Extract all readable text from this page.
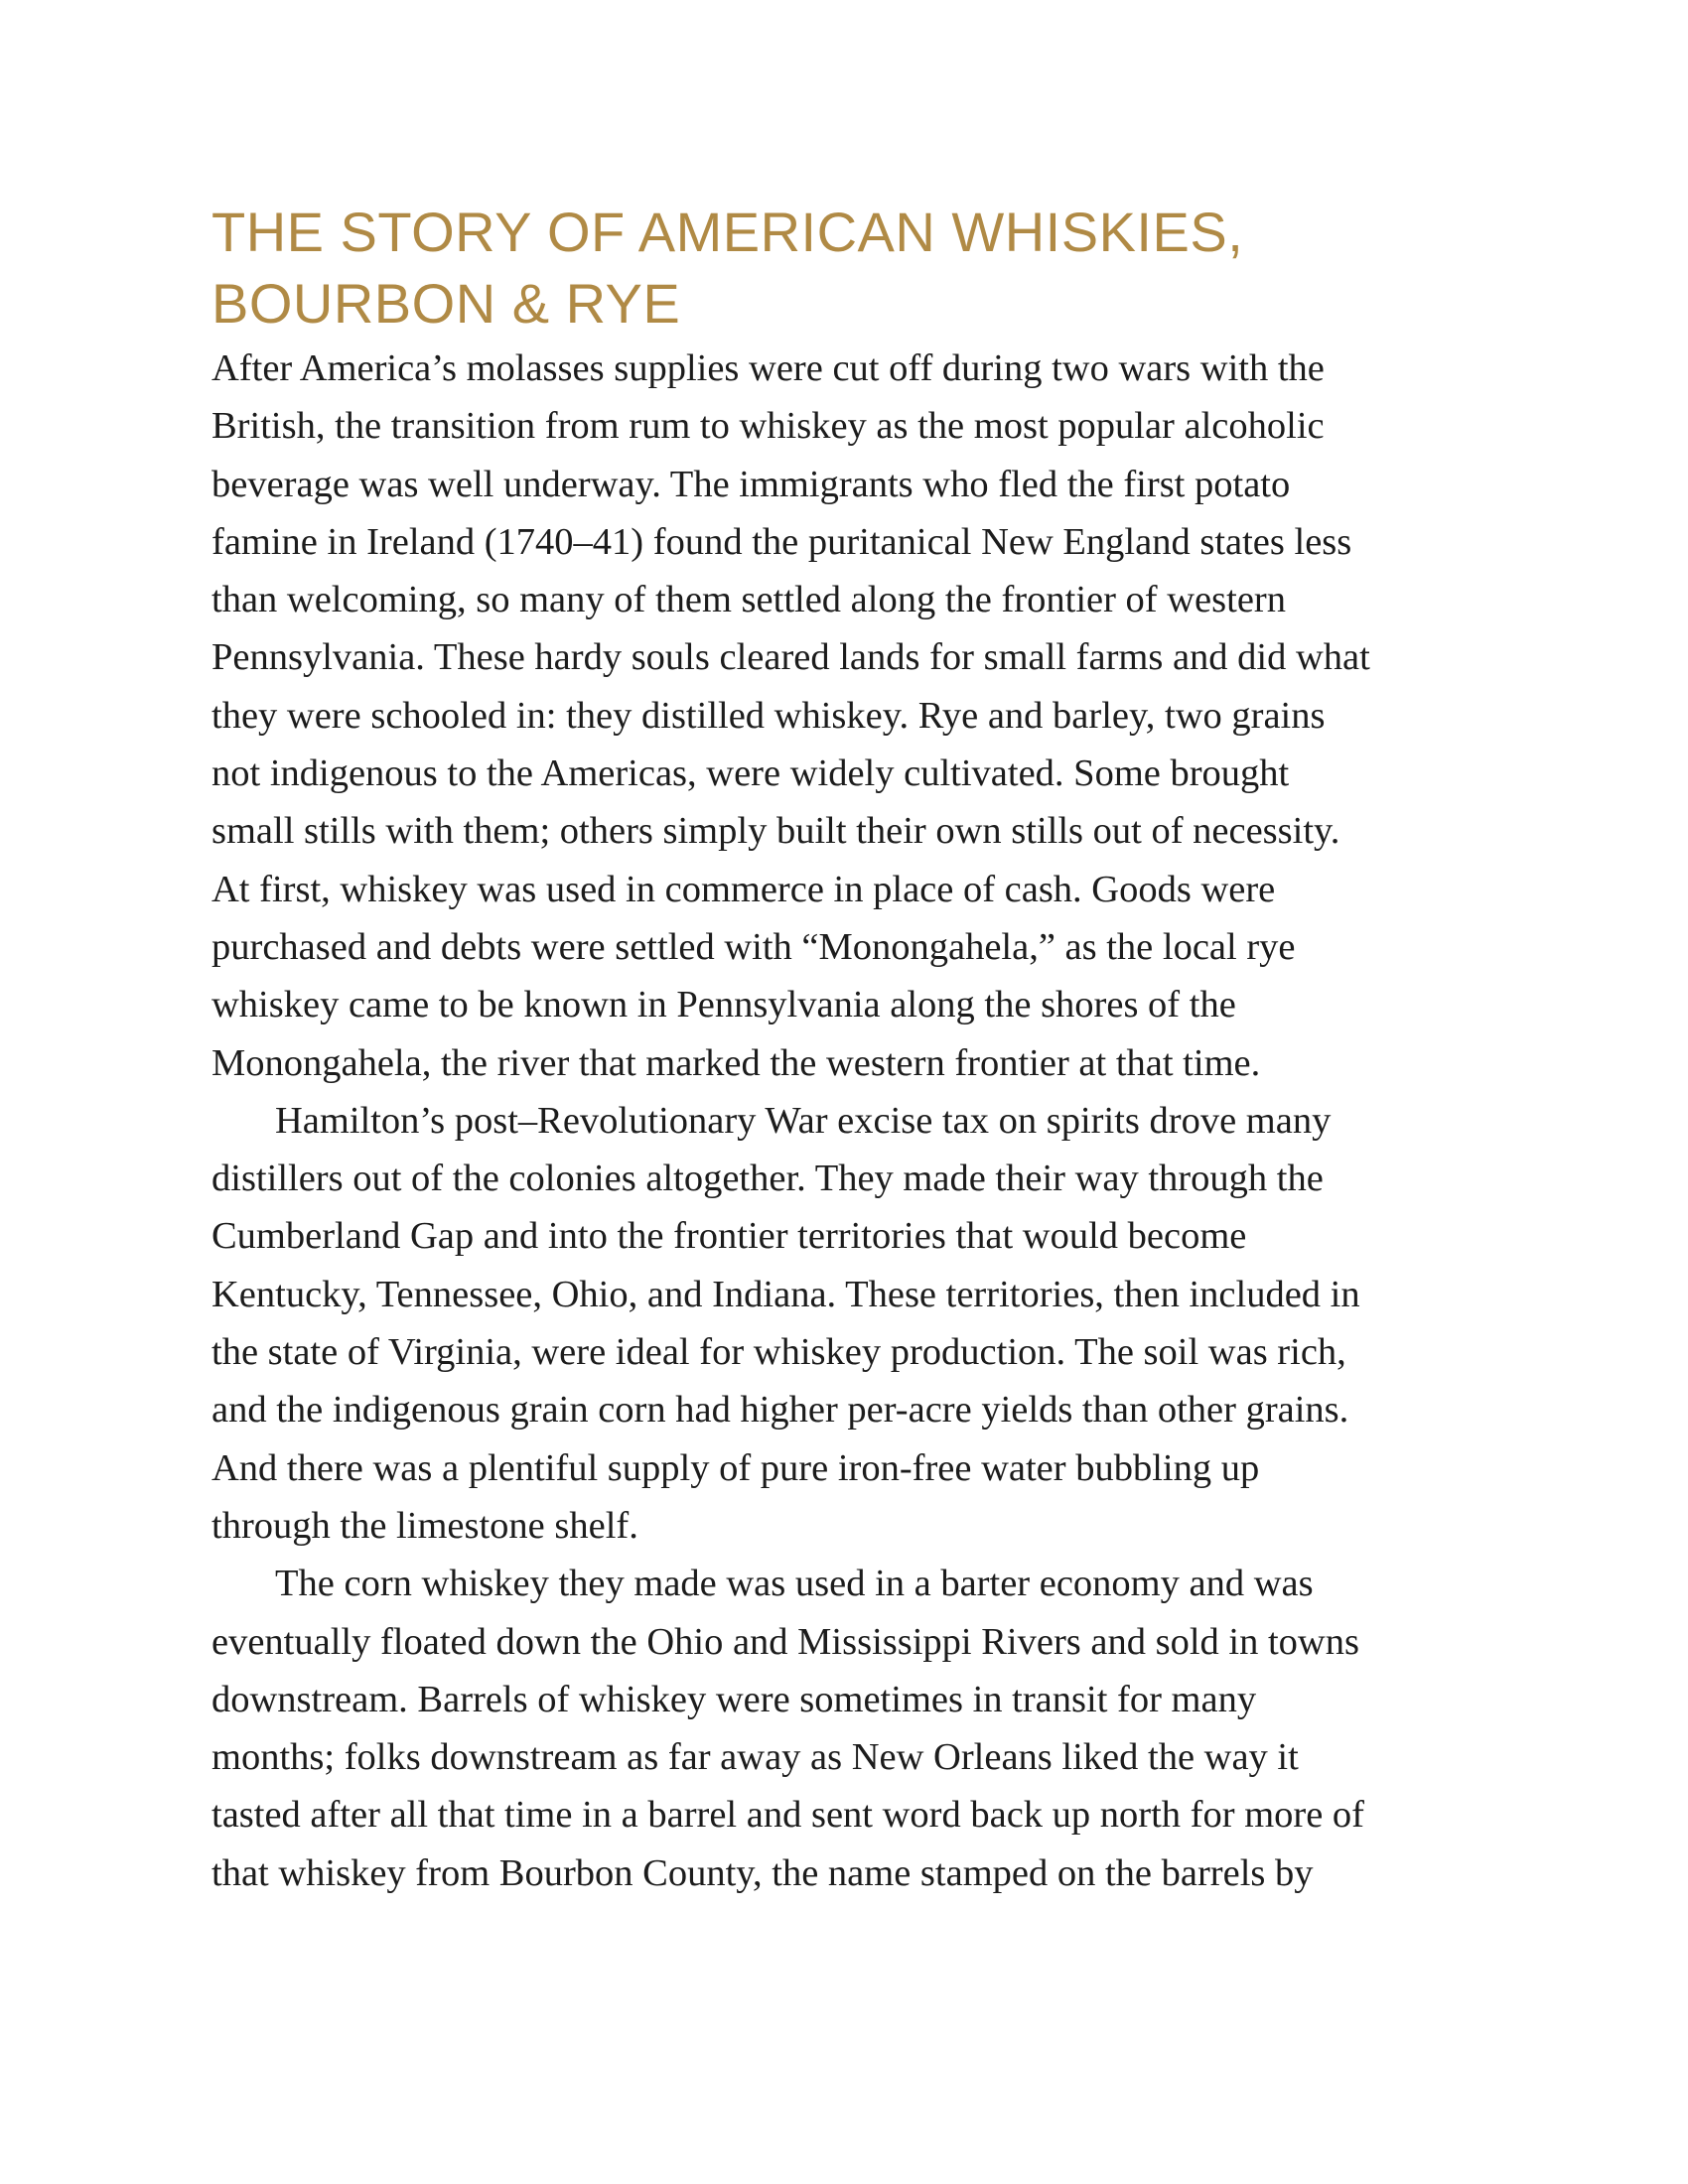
THE STORY OF AMERICAN WHISKIES,
BOURBON & RYE
After America’s molasses supplies were cut off during two wars with the
British, the transition from rum to whiskey as the most popular alcoholic
beverage was well underway. The immigrants who fled the first potato
famine in Ireland (1740–41) found the puritanical New England states less
than welcoming, so many of them settled along the frontier of western
Pennsylvania. These hardy souls cleared lands for small farms and did what
they were schooled in: they distilled whiskey. Rye and barley, two grains
not indigenous to the Americas, were widely cultivated. Some brought
small stills with them; others simply built their own stills out of necessity.
At first, whiskey was used in commerce in place of cash. Goods were
purchased and debts were settled with “Monongahela,” as the local rye
whiskey came to be known in Pennsylvania along the shores of the
Monongahela, the river that marked the western frontier at that time.
Hamilton’s post–Revolutionary War excise tax on spirits drove many
distillers out of the colonies altogether. They made their way through the
Cumberland Gap and into the frontier territories that would become
Kentucky, Tennessee, Ohio, and Indiana. These territories, then included in
the state of Virginia, were ideal for whiskey production. The soil was rich,
and the indigenous grain corn had higher per-acre yields than other grains.
And there was a plentiful supply of pure iron-free water bubbling up
through the limestone shelf.
The corn whiskey they made was used in a barter economy and was
eventually floated down the Ohio and Mississippi Rivers and sold in towns
downstream. Barrels of whiskey were sometimes in transit for many
months; folks downstream as far away as New Orleans liked the way it
tasted after all that time in a barrel and sent word back up north for more of
that whiskey from Bourbon County, the name stamped on the barrels by
